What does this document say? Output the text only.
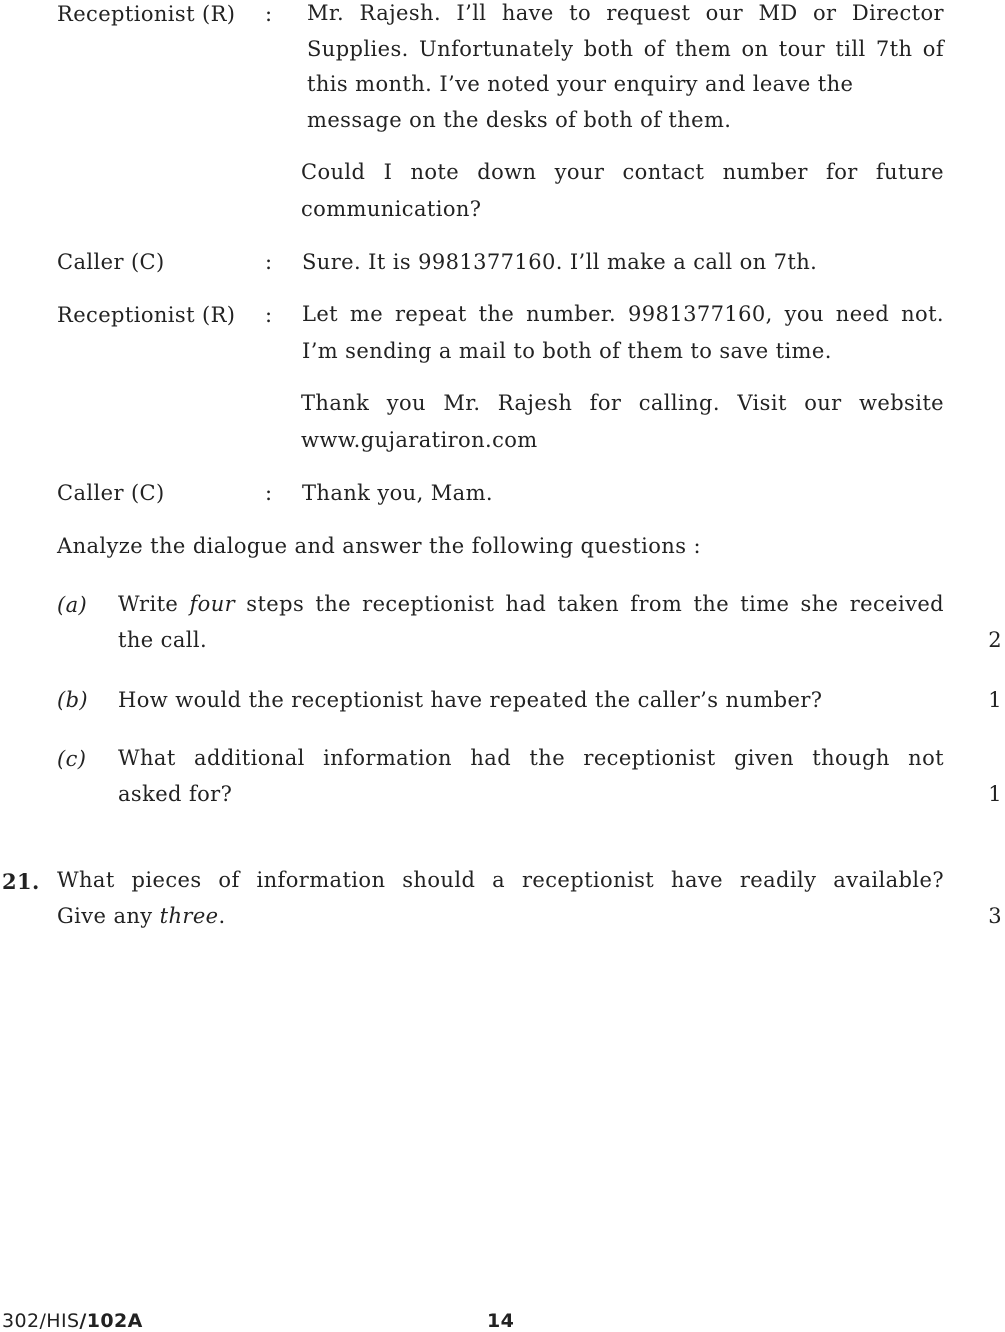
Receptionist (R) : Mr. Rajesh. I’ll have to request our MD or Director Supplies. Unfortunately both of them on tour till 7th of this month. I’ve noted your enquiry and leave the
message on the desks of both of them.
Could I note down your contact number for future
communication?
Caller (C)	: Sure. It is 9981377160. I’ll make a call on 7th.
Receptionist (R) : Let me repeat the number. 9981377160, you need not.
I’m sending a mail to both of them to save time.
Thank you Mr. Rajesh for calling. Visit our website
www.gujaratiron.com
Caller (C)	: Thank you, Mam.
Analyze the dialogue and answer the following questions :
(a) Write four steps the receptionist had taken from the time she received
the call.	2
(b) How would the receptionist have repeated the caller’s number?	1
(c) What additional information had the receptionist given though not
asked for?	1
21. What pieces of information should a receptionist have readily available?
Give any three.	3
302/HIS/102A	14
